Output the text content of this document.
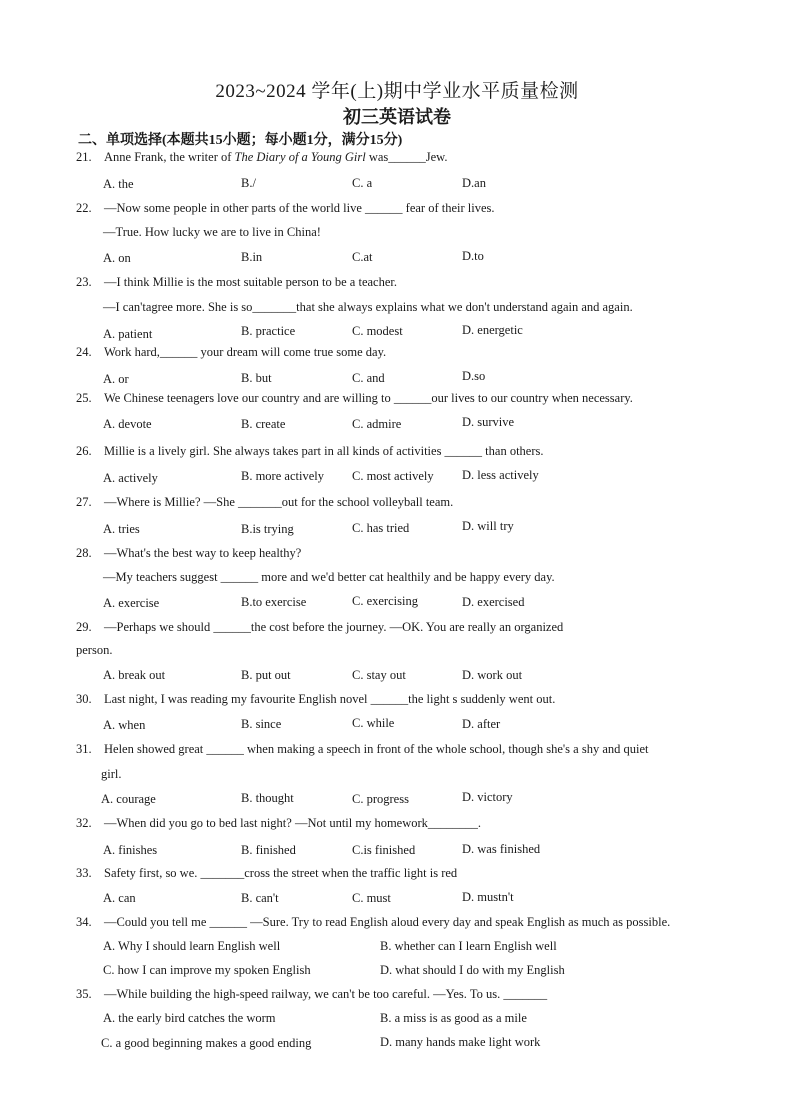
2023~2024 学年(上)期中学业水平质量检测
初三英语试卷
二、单项选择(本题共15小题；每小题1分，满分15分)
21. Anne Frank, the writer of The Diary of a Young Girl was______Jew.
A. the	B./	C. a	D.an
22. —Now some people in other parts of the world live ______ fear of their lives.
—True. How lucky we are to live in China!
A. on	B.in	C.at	D.to
23. —I think Millie is the most suitable person to be a teacher.
—I can'tagree more. She is so_______that she always explains what we don't understand again and again.
A. patient	B. practice	C. modest	D. energetic
24. Work hard,______ your dream will come true some day.
A. or	B. but	C. and	D.so
25. We Chinese teenagers love our country and are willing to ______our lives to our country when necessary.
A. devote	B. create	C. admire	D. survive
26. Millie is a lively girl. She always takes part in all kinds of activities ______ than others.
A. actively	B. more actively C. most actively D. less actively
27. —Where is Millie? —She _______out for the school volleyball team.
A. tries	B.is trying	C. has tried	D. will try
28. —What's the best way to keep healthy?
—My teachers suggest ______ more and we'd better cat healthily and be happy every day.
A. exercise	B.to exercise	C. exercising	D. exercised
29. —Perhaps we should ______the cost before the journey. —OK. You are really an organized
person.
A. break out	B. put out	C. stay out	D. work out
30. Last night, I was reading my favourite English novel ______the light s suddenly went out.
A. when	B. since	C. while	D. after
31. Helen showed great ______ when making a speech in front of the whole school, though she's a shy and quiet
girl.
A. courage	B. thought	C. progress	D. victory
32. —When did you go to bed last night? —Not until my homework________.
A. finishes	B. finished	C.is finished	D. was finished
33. Safety first, so we. _______cross the street when the traffic light is red
A. can	B. can't	C. must	D. mustn't
34. —Could you tell me ______ —Sure. Try to read English aloud every day and speak English as much as possible.
A. Why I should learn English well	B. whether can I learn English well
C. how I can improve my spoken English	D. what should I do with my English
35. —While building the high-speed railway, we can't be too careful. —Yes. To us. _______
A. the early bird catches the worm	B. a miss is as good as a mile
C. a good beginning makes a good ending	D. many hands make light work
